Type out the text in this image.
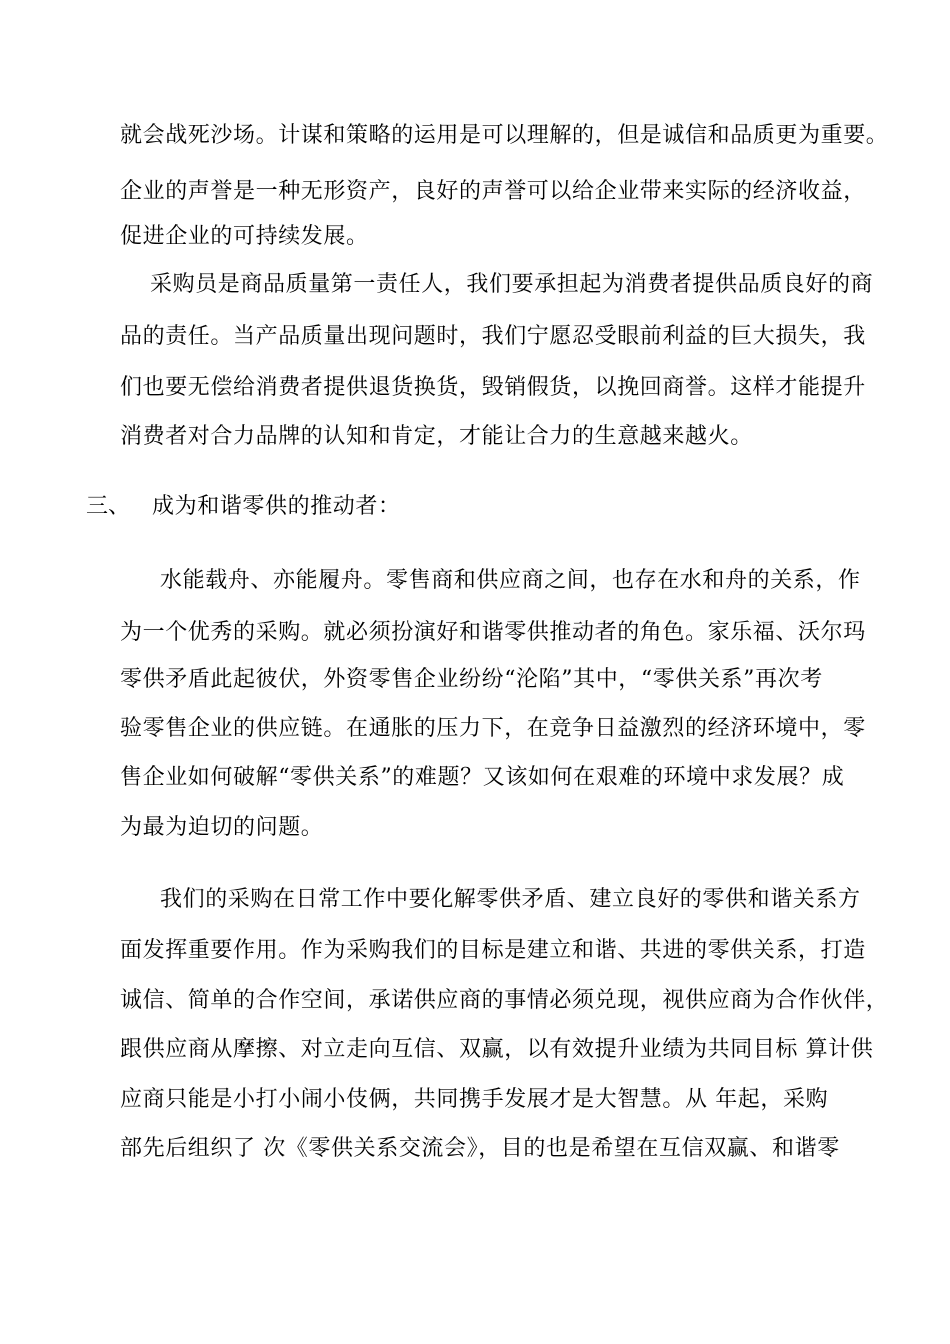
就会战死沙场。计谋和策略的运用是可以理解的，但是诚信和品质更为重要。
企业的声誉是一种无形资产，良好的声誉可以给企业带来实际的经济收益，
促进企业的可持续发展。
采购员是商品质量第一责任人，我们要承担起为消费者提供品质良好的商
品的责任。当产品质量出现问题时，我们宁愿忍受眼前利益的巨大损失，我
们也要无偿给消费者提供退货换货，毁销假货，以挽回商誉。这样才能提升
消费者对合力品牌的认知和肯定，才能让合力的生意越来越火。
三、 成为和谐零供的推动者：
水能载舟、亦能履舟。零售商和供应商之间，也存在水和舟的关系，作
为一个优秀的采购。就必须扮演好和谐零供推动者的角色。家乐福、沃尔玛
零供矛盾此起彼伏，外资零售企业纷纷“沦陷”其中，“零供关系”再次考
验零售企业的供应链。在通胀的压力下，在竞争日益激烈的经济环境中，零
售企业如何破解“零供关系”的难题？又该如何在艰难的环境中求发展？成
为最为迫切的问题。
我们的采购在日常工作中要化解零供矛盾、建立良好的零供和谐关系方
面发挥重要作用。作为采购我们的目标是建立和谐、共进的零供关系，打造
诚信、简单的合作空间，承诺供应商的事情必须兑现，视供应商为合作伙伴，
跟供应商从摩擦、对立走向互信、双赢，以有效提升业绩为共同目标 算计供
应商只能是小打小闹小伎俩，共同携手发展才是大智慧。从 年起，采购
部先后组织了 次《零供关系交流会》，目的也是希望在互信双赢、和谐零
